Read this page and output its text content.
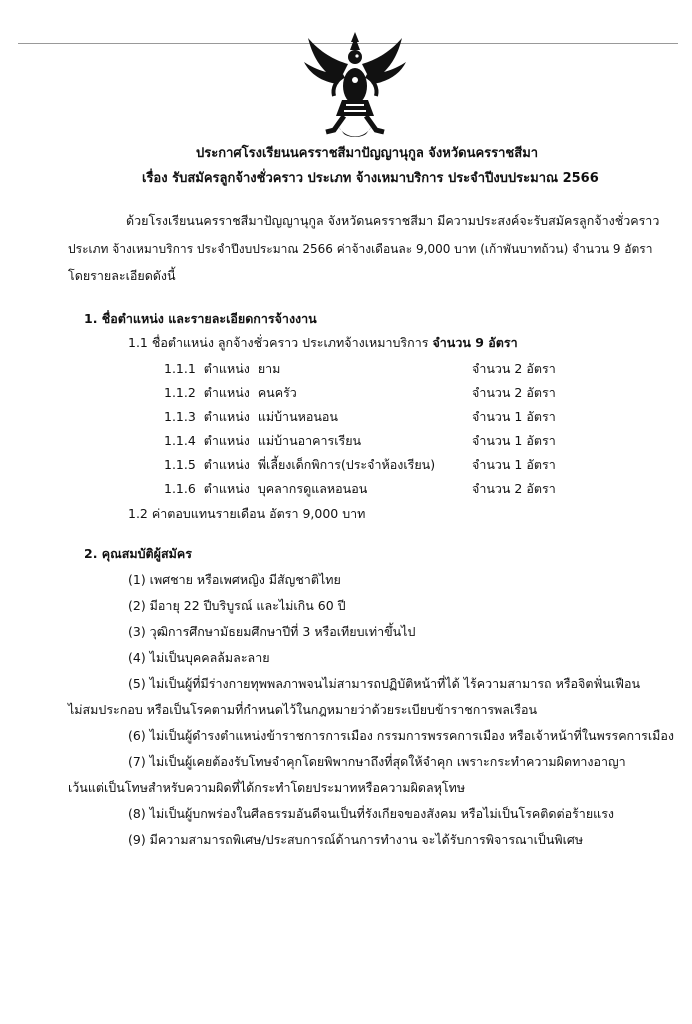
ประกาศโรงเรียนนครราชสีมาปัญญานุกูล จังหวัดนครราชสีมา
เรื่อง รับสมัครลูกจ้างชั่วคราว ประเภท จ้างเหมาบริการ ประจำปีงบประมาณ 2566
ด้วยโรงเรียนนครราชสีมาปัญญานุกูล จังหวัดนครราชสีมา มีความประสงค์จะรับสมัครลูกจ้างชั่วคราว
ประเภท จ้างเหมาบริการ ประจำปีงบประมาณ 2566 ค่าจ้างเดือนละ 9,000 บาท (เก้าพันบาทถ้วน) จำนวน 9 อัตรา
โดยรายละเอียดดังนี้
1. ชื่อตำแหน่ง และรายละเอียดการจ้างงาน
1.1 ชื่อตำแหน่ง ลูกจ้างชั่วคราว ประเภทจ้างเหมาบริการ จำนวน 9 อัตรา
1.1.1 ตำแหน่ง ยาม	จำนวน 2 อัตรา
1.1.2 ตำแหน่ง คนครัว	จำนวน 2 อัตรา
1.1.3 ตำแหน่ง แม่บ้านหอนอน	จำนวน 1 อัตรา
1.1.4 ตำแหน่ง แม่บ้านอาคารเรียน	จำนวน 1 อัตรา
1.1.5 ตำแหน่ง พี่เลี้ยงเด็กพิการ(ประจำห้องเรียน)	จำนวน 1 อัตรา
1.1.6 ตำแหน่ง บุคลากรดูแลหอนอน	จำนวน 2 อัตรา
1.2 ค่าตอบแทนรายเดือน อัตรา 9,000 บาท
2. คุณสมบัติผู้สมัคร
(1) เพศชาย หรือเพศหญิง มีสัญชาติไทย
(2) มีอายุ 22 ปีบริบูรณ์ และไม่เกิน 60 ปี
(3) วุฒิการศึกษามัธยมศึกษาปีที่ 3 หรือเทียบเท่าขึ้นไป
(4) ไม่เป็นบุคคลล้มละลาย
(5) ไม่เป็นผู้ที่มีร่างกายทุพพลภาพจนไม่สามารถปฏิบัติหน้าที่ได้ ไร้ความสามารถ หรือจิตฟั่นเฟือน
ไม่สมประกอบ หรือเป็นโรคตามที่กำหนดไว้ในกฎหมายว่าด้วยระเบียบข้าราชการพลเรือน
(6) ไม่เป็นผู้ดำรงตำแหน่งข้าราชการการเมือง กรรมการพรรคการเมือง หรือเจ้าหน้าที่ในพรรคการเมือง
(7) ไม่เป็นผู้เคยต้องรับโทษจำคุกโดยพิพากษาถึงที่สุดให้จำคุก เพราะกระทำความผิดทางอาญา
เว้นแต่เป็นโทษสำหรับความผิดที่ได้กระทำโดยประมาทหรือความผิดลหุโทษ
(8) ไม่เป็นผู้บกพร่องในศีลธรรมอันดีจนเป็นที่รังเกียจของสังคม หรือไม่เป็นโรคติดต่อร้ายแรง
(9) มีความสามารถพิเศษ/ประสบการณ์ด้านการทำงาน จะได้รับการพิจารณาเป็นพิเศษ
